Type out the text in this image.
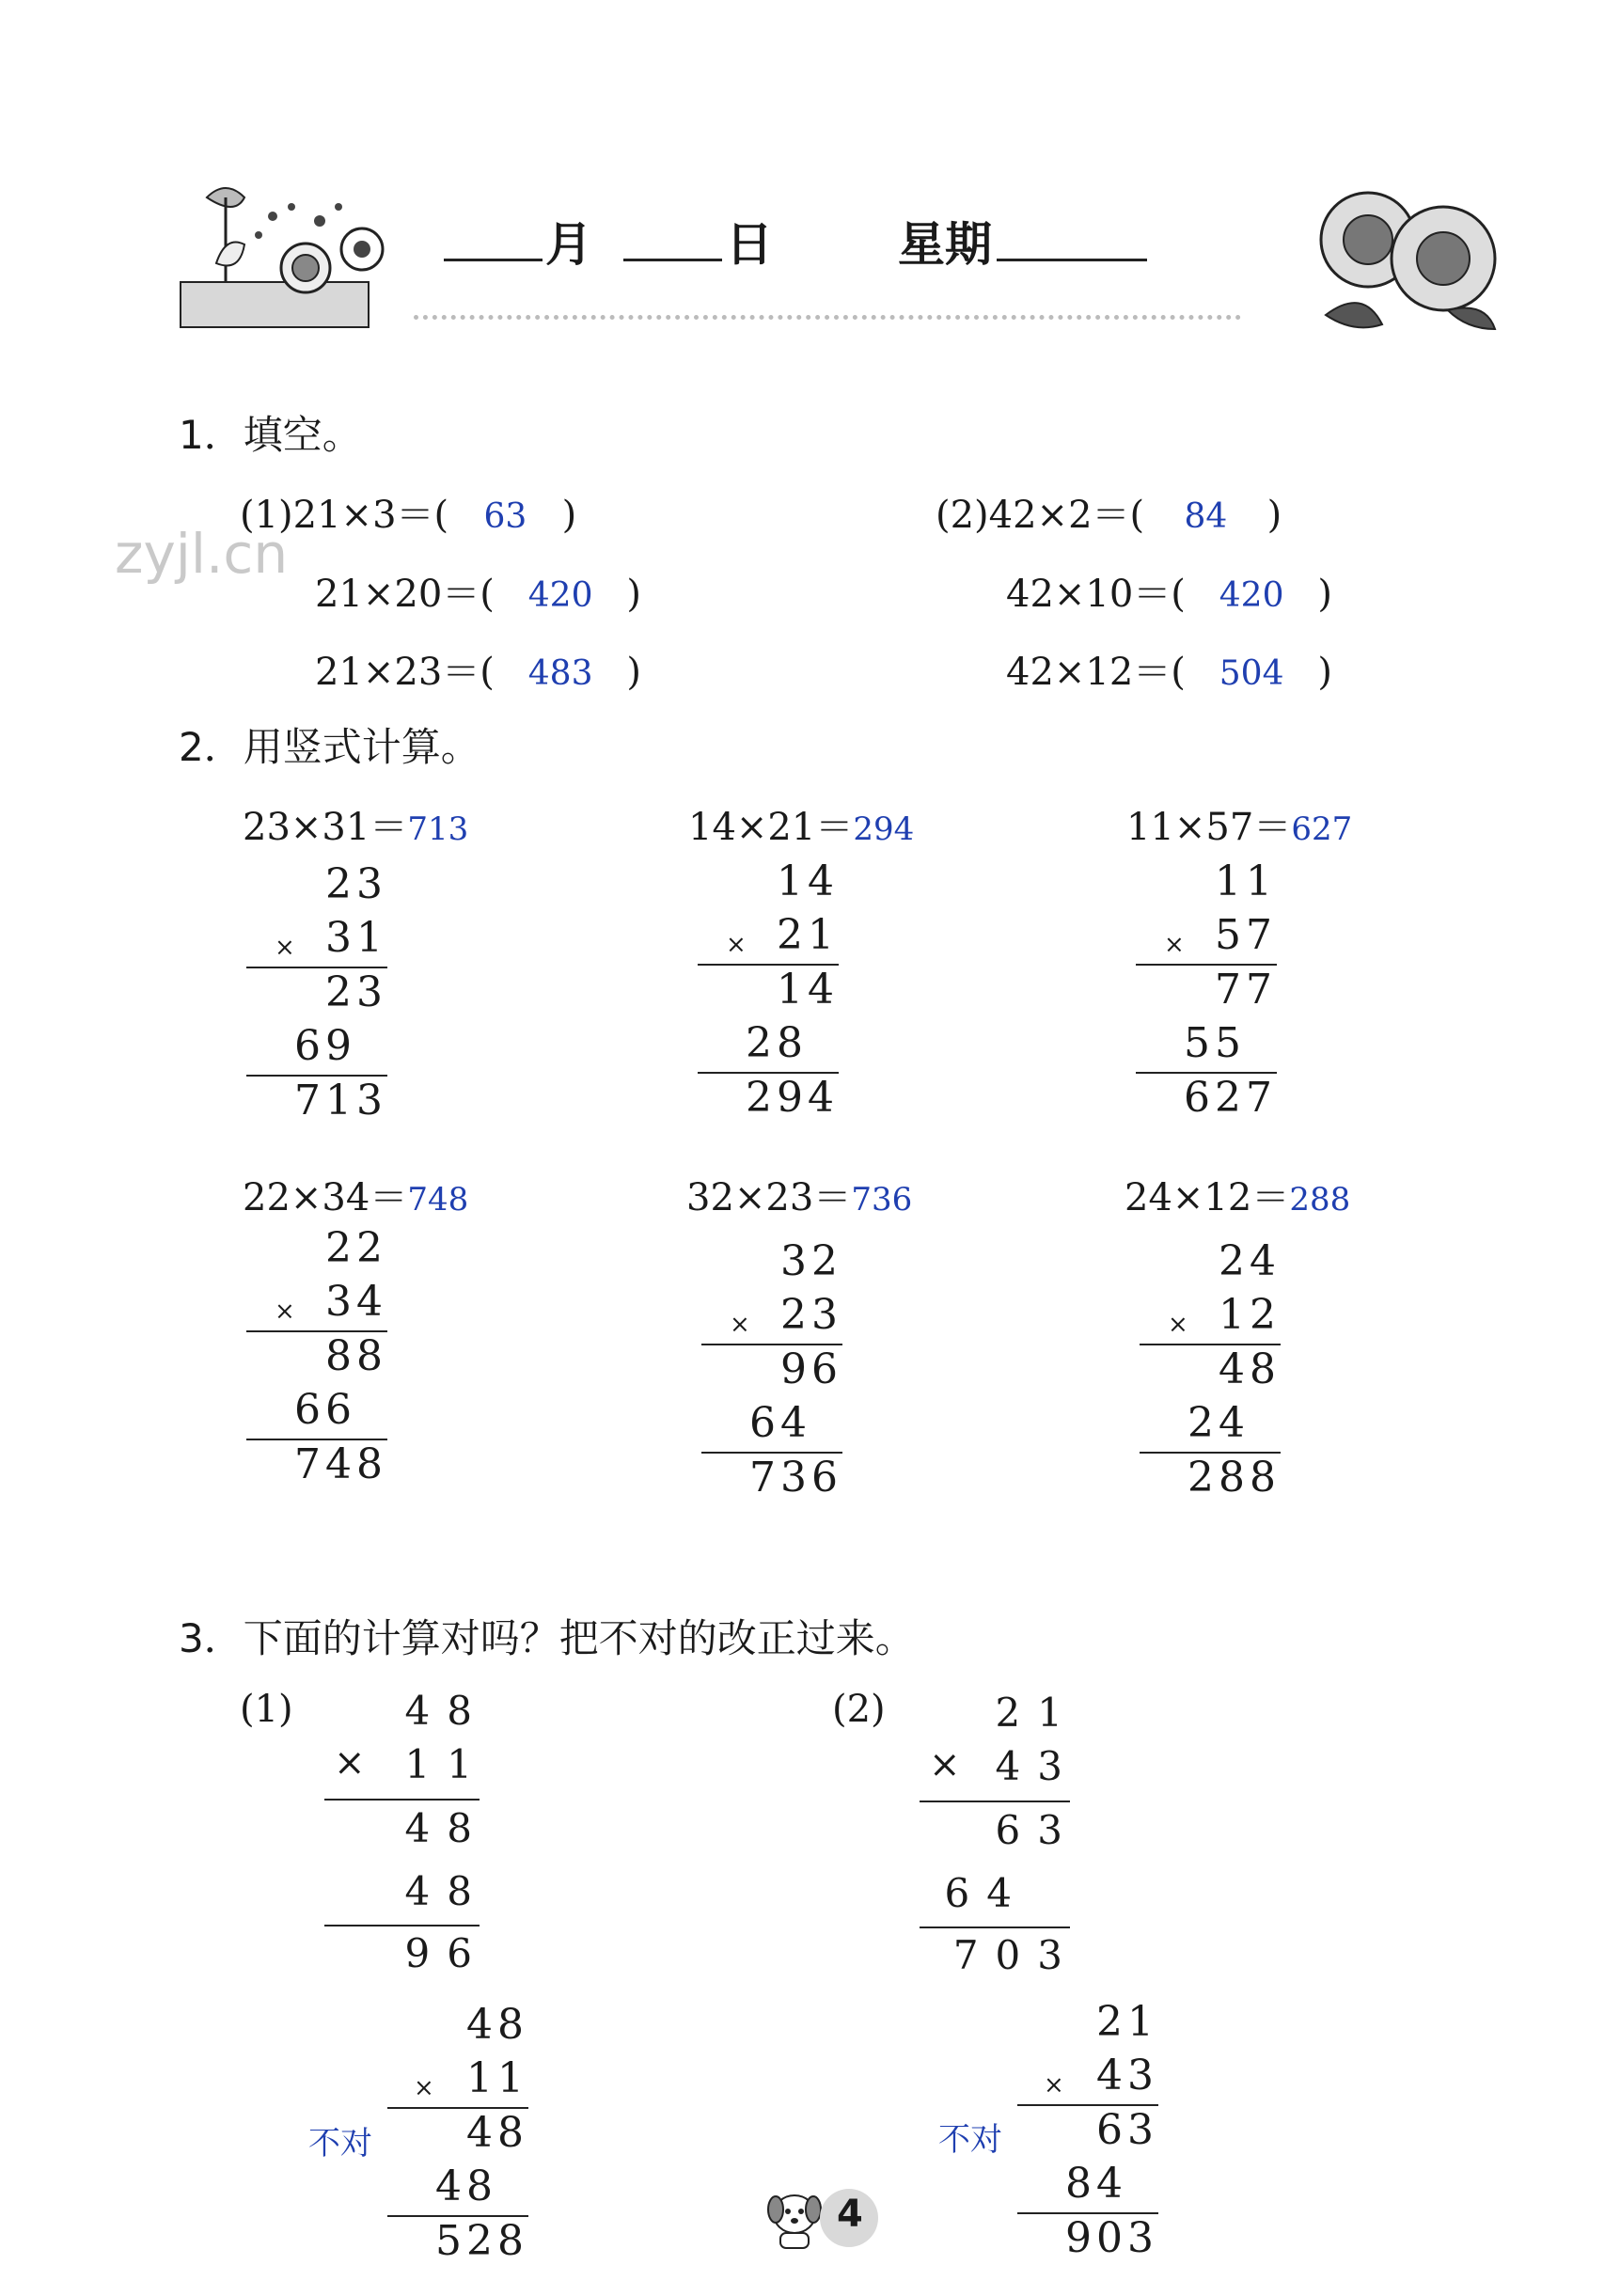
月	日	星期
zyjl.cn
1．填空。
(1)21×3＝( 63 )
21×20＝( 420 )
21×23＝( 483 )
(2)42×2＝( 84 )
42×10＝( 420 )
42×12＝( 504 )
2．用竖式计算。
23×31＝713
23
× 31
23
69
713
14×21＝294
14
× 21
14
28
294
11×57＝627
11
× 57
77
55
627
22×34＝748
22
× 34
88
66
748
32×23＝736
32
× 23
96
64
736
24×12＝288
24
× 12
48
24
288
3．下面的计算对吗？把不对的改正过来。
(1)	48
× 11
48
48
96
(2)	21
× 43
63
64
703
不对
48
× 11
48
48
528
不对
21
× 43
63
84
903
4
